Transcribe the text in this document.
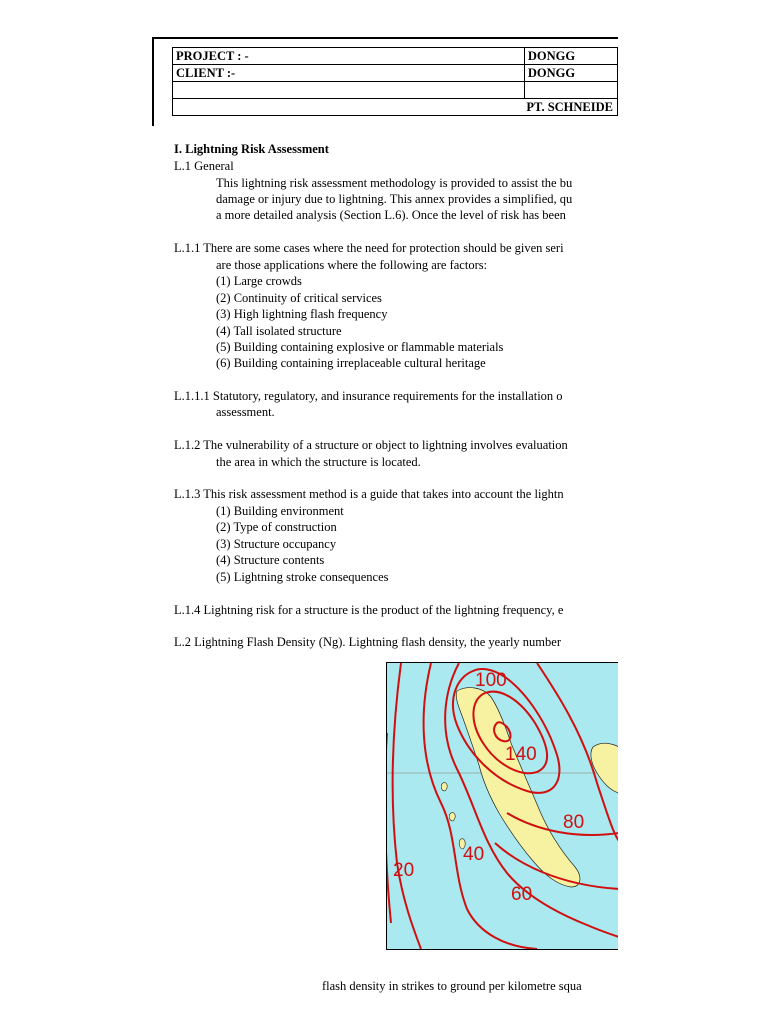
PROJECT : -	DONGG
CLIENT :-	DONGG

	PT. SCHNEIDE
I. Lightning Risk Assessment
L.1 General
This lightning risk assessment methodology is provided to assist the bu
damage or injury due to lightning. This annex provides a simplified, qu
a more detailed analysis (Section L.6). Once the level of risk has been
L.1.1 There are some cases where the need for protection should be given seri
are those applications where the following are factors:
(1) Large crowds
(2) Continuity of critical services
(3) High lightning flash frequency
(4) Tall isolated structure
(5) Building containing explosive or flammable materials
(6) Building containing irreplaceable cultural heritage
L.1.1.1 Statutory, regulatory, and insurance requirements for the installation o
assessment.
L.1.2 The vulnerability of a structure or object to lightning involves evaluation
the area in which the structure is located.
L.1.3 This risk assessment method is a guide that takes into account the lightn
(1) Building environment
(2) Type of construction
(3) Structure occupancy
(4) Structure contents
(5) Lightning stroke consequences
L.1.4 Lightning risk for a structure is the product of the lightning frequency, e
L.2 Lightning Flash Density (Ng). Lightning flash density, the yearly number
100
140
80
40
20
60
flash density in strikes to ground per kilometre squa
